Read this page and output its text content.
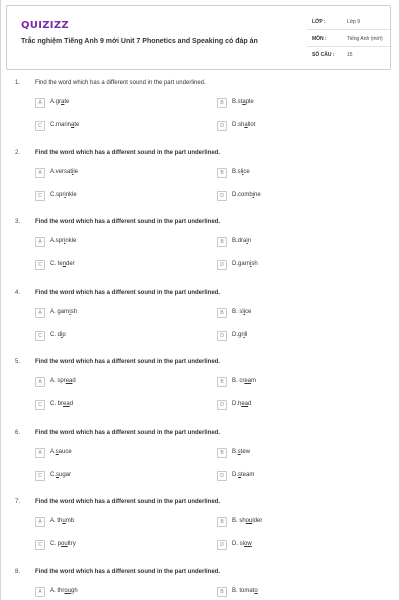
QUIZIZZ
Trắc nghiệm Tiếng Anh 9 mới Unit 7 Phonetics and Speaking có đáp án
LỚP :	Lớp 9
MÔN :	Tiếng Anh (mới)
SỐ CÂU :	15
1. Find the word which has a different sound in the part underlined.
A	A.grate	B	B.staple
C	C.marinate	D	D.shallot
2. Find the word which has a different sound in the part underlined.
A	A.versatile	B	B.slice
C	C.sprinkle	D	D.combine
3. Find the word which has a different sound in the part underlined.
A	A.sprinkle	B	B.drain
C	C. tender	D	D.garnish
4. Find the word which has a different sound in the part underlined.
A	A. garnish	B	B. slice
C	C. dip	D	D.grill
5. Find the word which has a different sound in the part underlined.
A	A. spread	B	B. cream
C	C. bread	D	D.head
6. Find the word which has a different sound in the part underlined.
A	A.sauce	B	B.stew
C	C.sugar	D	D.steam
7. Find the word which has a different sound in the part underlined.
A	A. thumb	B	B. shoulder
C	C. poultry	D	D. slow
8. Find the word which has a different sound in the part underlined.
A	A. through	B	B. tomato
